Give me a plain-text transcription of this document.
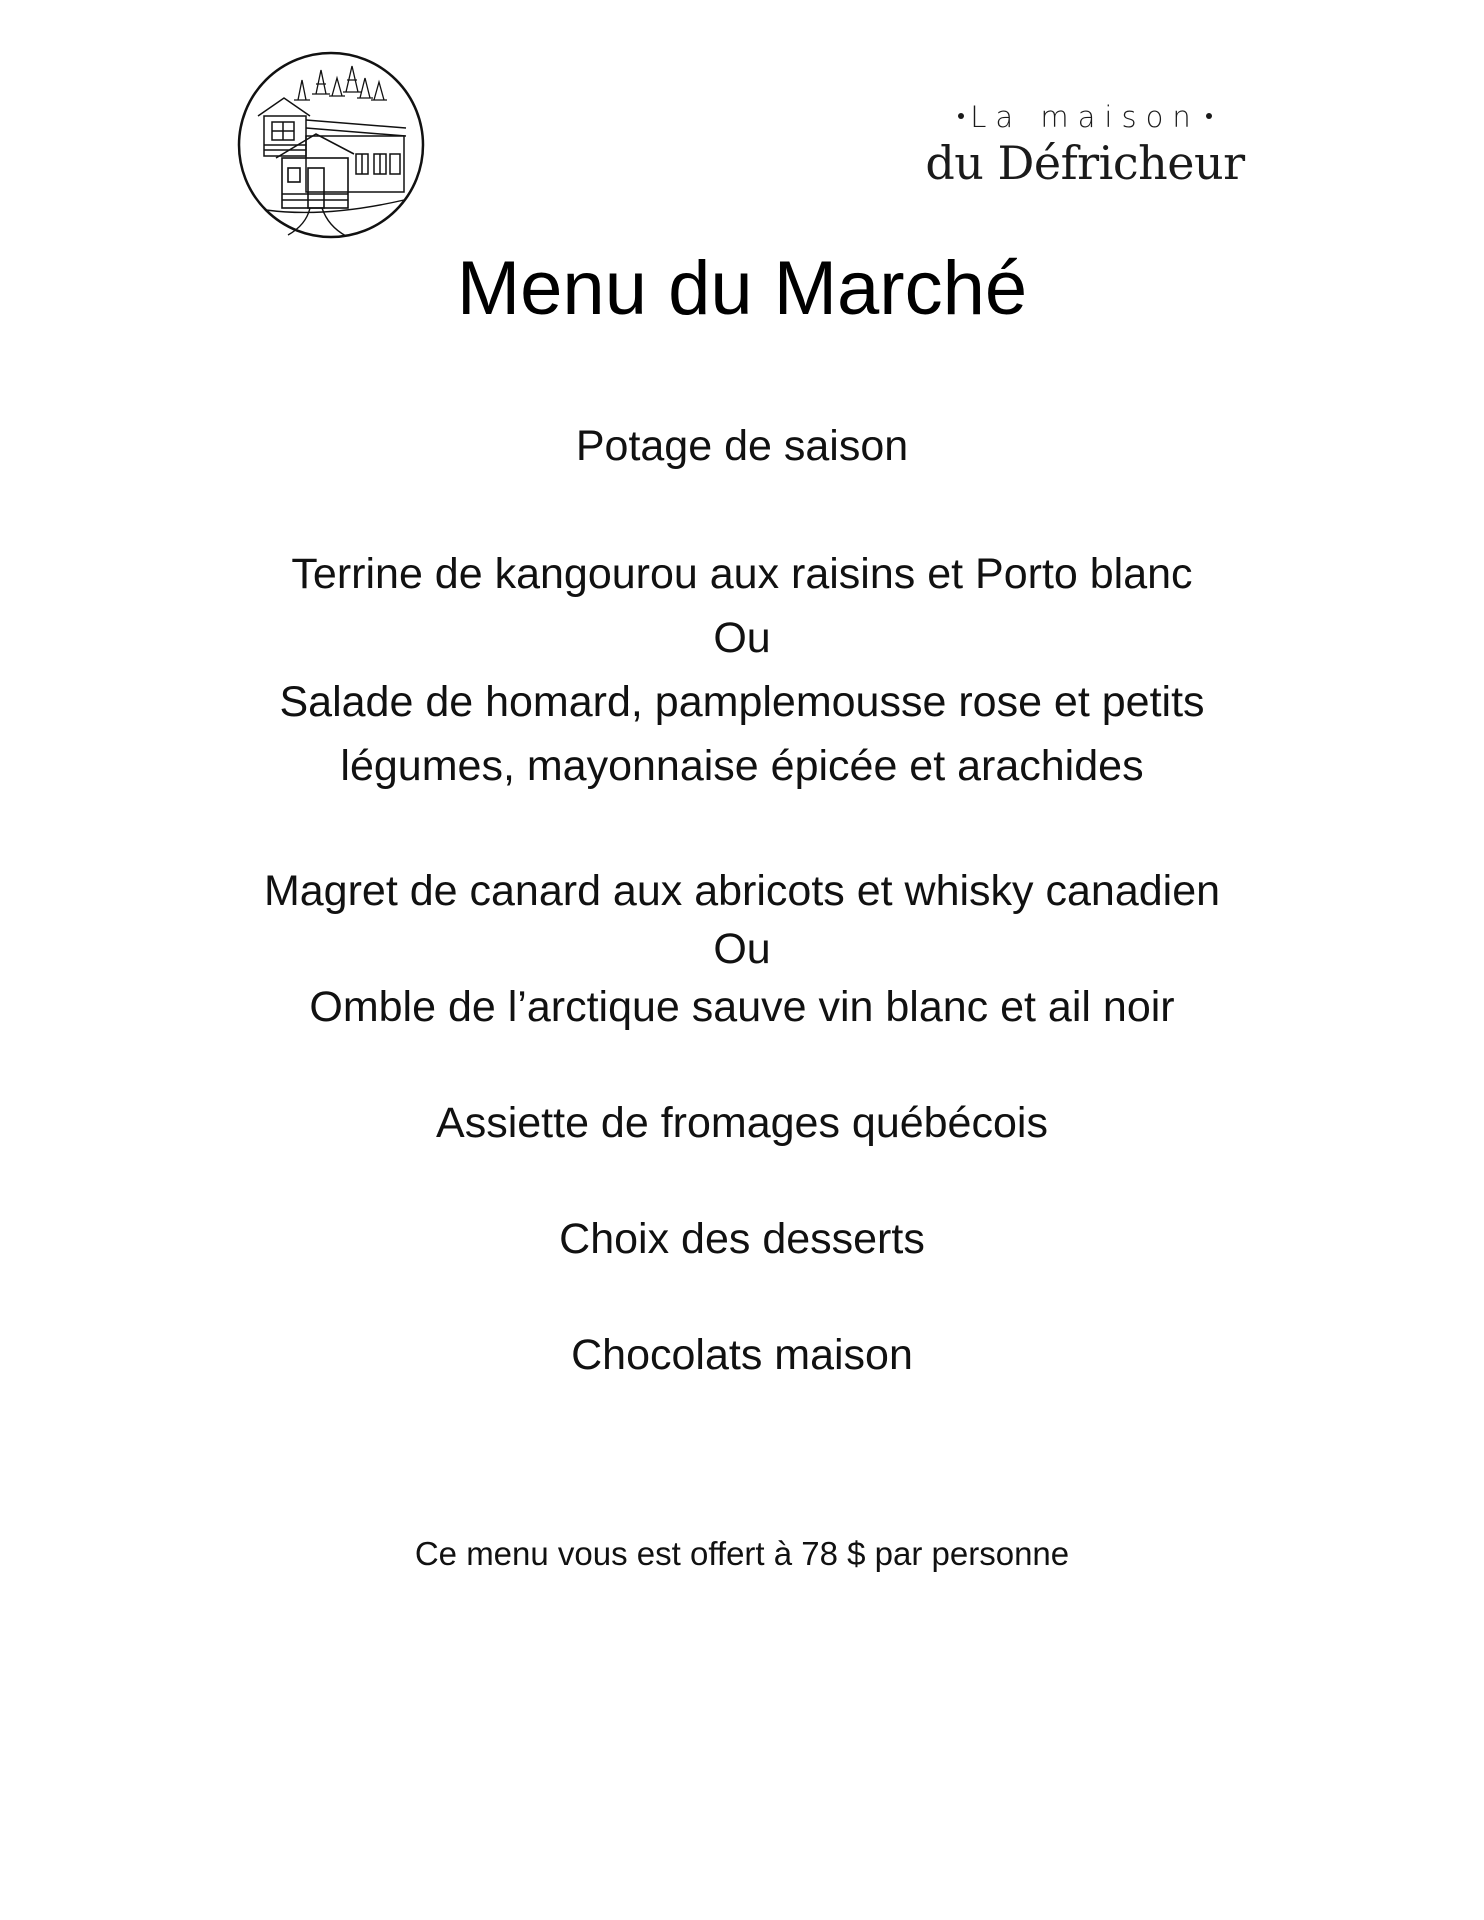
La maison
du Défricheur
Menu du Marché
Potage de saison
Terrine de kangourou aux raisins et Porto blanc
Ou
Salade de homard, pamplemousse rose et petits
légumes, mayonnaise épicée et arachides
Magret de canard aux abricots et whisky canadien
Ou
Omble de l’arctique sauve vin blanc et ail noir
Assiette de fromages québécois
Choix des desserts
Chocolats maison
Ce menu vous est offert à 78 $ par personne
